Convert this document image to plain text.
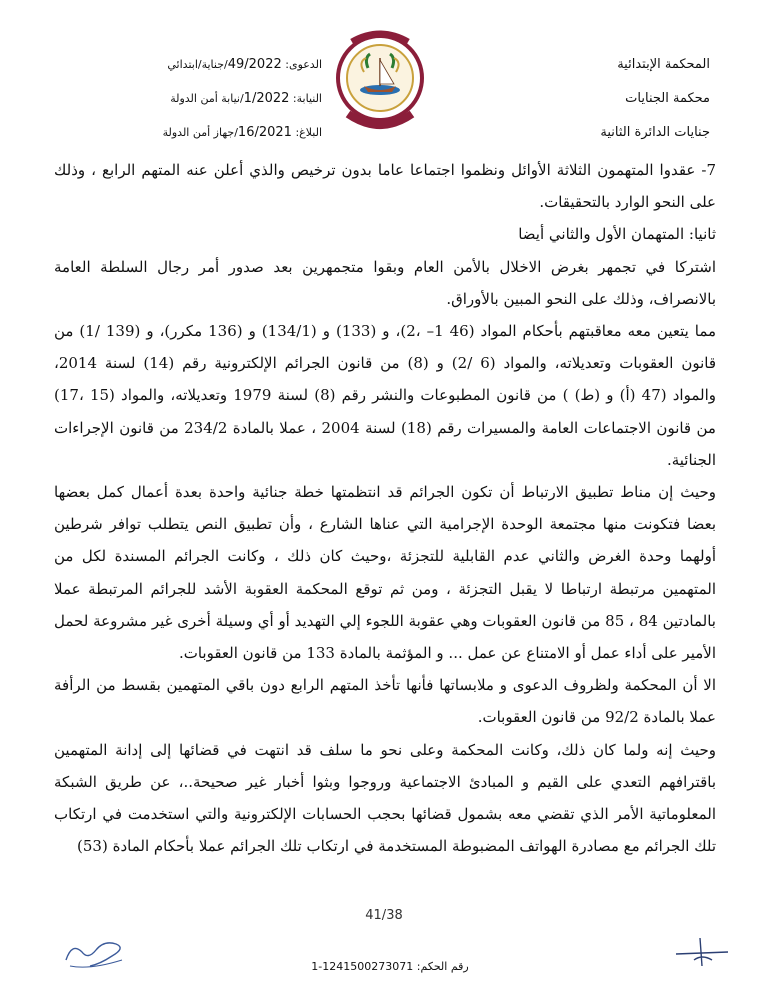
المحكمة الإبتدائية
محكمة الجنايات
جنايات الدائرة الثانية
الدعوى: 49/2022/جناية/ابتدائي
النيابة: 1/2022/نيابة أمن الدولة
البلاغ: 16/2021/جهاز أمن الدولة

7- عقدوا المتهمون الثلاثة الأوائل ونظموا اجتماعا عاما بدون ترخيص والذي أعلن عنه المتهم الرابع ، وذلك على النحو الوارد بالتحقيقات.

ثانيا: المتهمان الأول والثاني أيضا

اشتركا في تجمهر بغرض الاخلال بالأمن العام وبقوا متجمهرين بعد صدور أمر رجال السلطة العامة بالانصراف، وذلك على النحو المبين بالأوراق.

مما يتعين معه معاقبتهم بأحكام المواد (46 1– ،2)، و (133) و (134/1) و (136 مكرر)، و (139 /1) من قانون العقوبات وتعديلاته، والمواد (6 /2) و (8) من قانون الجرائم الإلكترونية رقم (14) لسنة 2014، والمواد (47 (أ) و (ط) ) من قانون المطبوعات والنشر رقم (8) لسنة 1979 وتعديلاته، والمواد (15 ،17) من قانون الاجتماعات العامة والمسيرات رقم (18) لسنة 2004 ، عملا بالمادة 234/2 من قانون الإجراءات الجنائية.

وحيث إن مناط تطبيق الارتباط أن تكون الجرائم قد انتظمتها خطة جنائية واحدة بعدة أعمال كمل بعضها بعضا فتكونت منها مجتمعة الوحدة الإجرامية التي عناها الشارع ، وأن تطبيق النص يتطلب توافر شرطين أولهما وحدة الغرض والثاني عدم القابلية للتجزئة ،وحيث كان ذلك ، وكانت الجرائم المسندة لكل من المتهمين مرتبطة ارتباطا لا يقبل التجزئة ، ومن ثم توقع المحكمة العقوبة الأشد للجرائم المرتبطة عملا بالمادتين 84 ، 85 من قانون العقوبات وهي عقوبة اللجوء إلي التهديد أو أي وسيلة أخرى غير مشروعة لحمل الأمير على أداء عمل أو الامتناع عن عمل ... و المؤثمة بالمادة 133 من قانون العقوبات.

الا أن المحكمة ولظروف الدعوى و ملابساتها فأنها تأخذ المتهم الرابع دون باقي المتهمين بقسط من الرأفة عملا بالمادة 92/2 من قانون العقوبات.

وحيث إنه ولما كان ذلك، وكانت المحكمة وعلى نحو ما سلف قد انتهت في قضائها إلى إدانة المتهمين باقترافهم التعدي على القيم و المبادئ الاجتماعية وروجوا وبثوا أخبار غير صحيحة..، عن طريق الشبكة المعلوماتية الأمر الذي تقضي معه بشمول قضائها بحجب الحسابات الإلكترونية والتي استخدمت في ارتكاب تلك الجرائم مع مصادرة الهواتف المضبوطة المستخدمة في ارتكاب تلك الجرائم عملا بأحكام المادة (53)

41/38
رقم الحكم: 1241500273071-1
